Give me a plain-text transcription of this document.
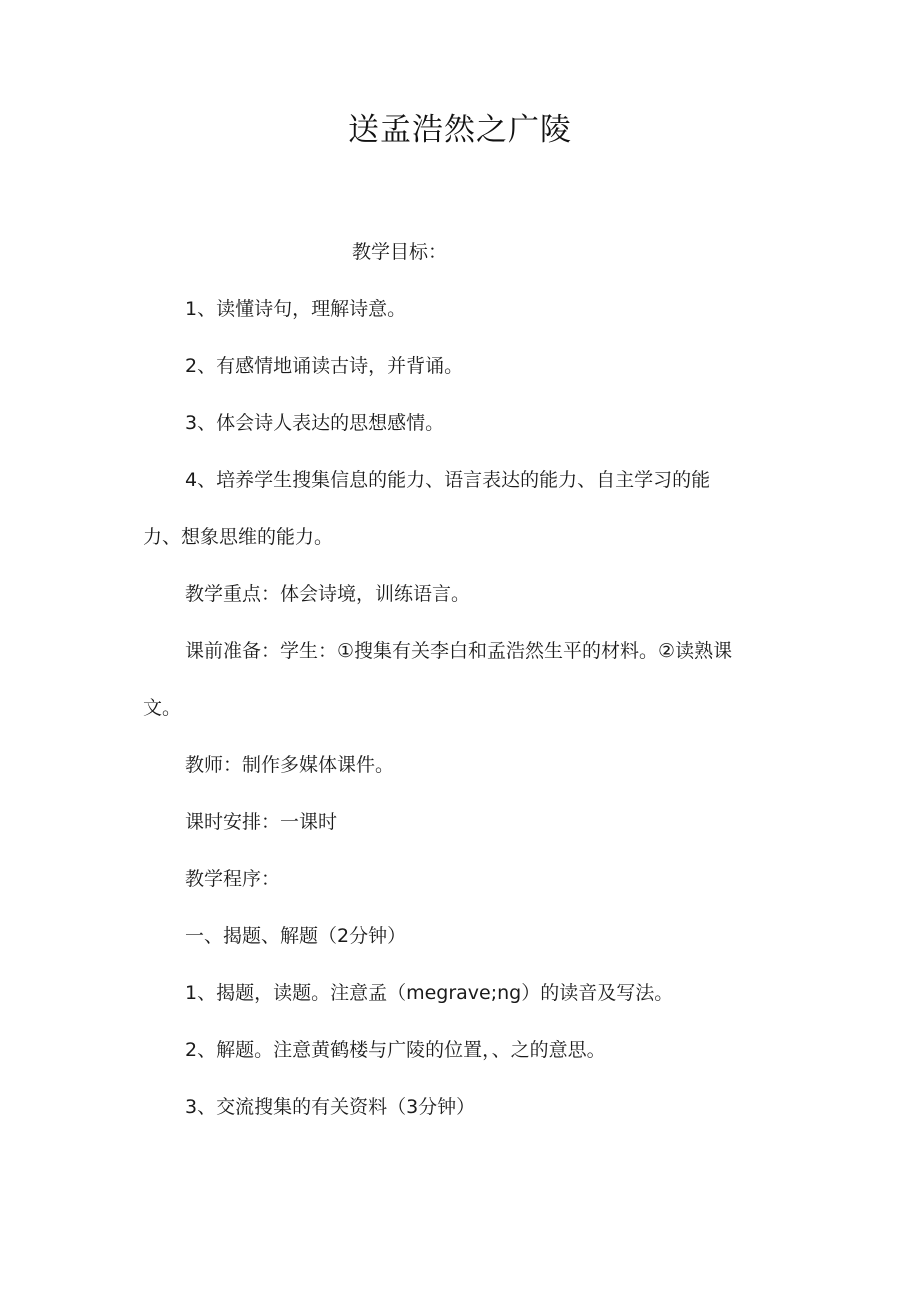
送孟浩然之广陵
教学目标：
1、读懂诗句，理解诗意。
2、有感情地诵读古诗，并背诵。
3、体会诗人表达的思想感情。
4、培养学生搜集信息的能力、语言表达的能力、自主学习的能
力、想象思维的能力。
教学重点：体会诗境，训练语言。
课前准备：学生：①搜集有关李白和孟浩然生平的材料。②读熟课
文。
教师：制作多媒体课件。
课时安排：一课时
教学程序：
一、揭题、解题（2分钟）
1、揭题，读题。注意孟（megrave;ng）的读音及写法。
2、解题。注意黄鹤楼与广陵的位置，、之的意思。
3、交流搜集的有关资料（3分钟）
